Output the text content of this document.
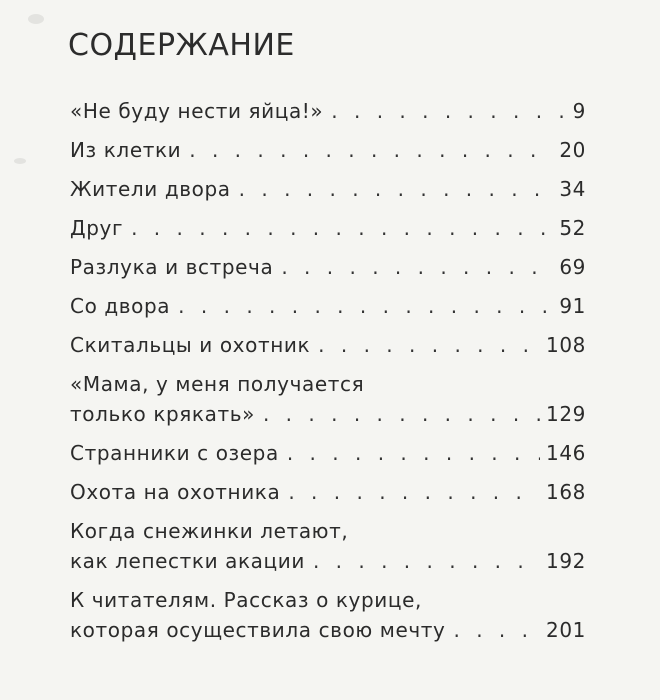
СОДЕРЖАНИЕ
«Не буду нести яйца!» . . .	9
Из клетки . . .	20
Жители двора . . .	34
Друг . . .	52
Разлука и встреча . . .	69
Со двора . . .	91
Скитальцы и охотник . . .	108
«Мама, у меня получается
только крякать» . . .	129
Странники с озера . . .	146
Охота на охотника . . .	168
Когда снежинки летают,
как лепестки акации . . .	192
К читателям. Рассказ о курице,
которая осуществила свою мечту . . .	201
